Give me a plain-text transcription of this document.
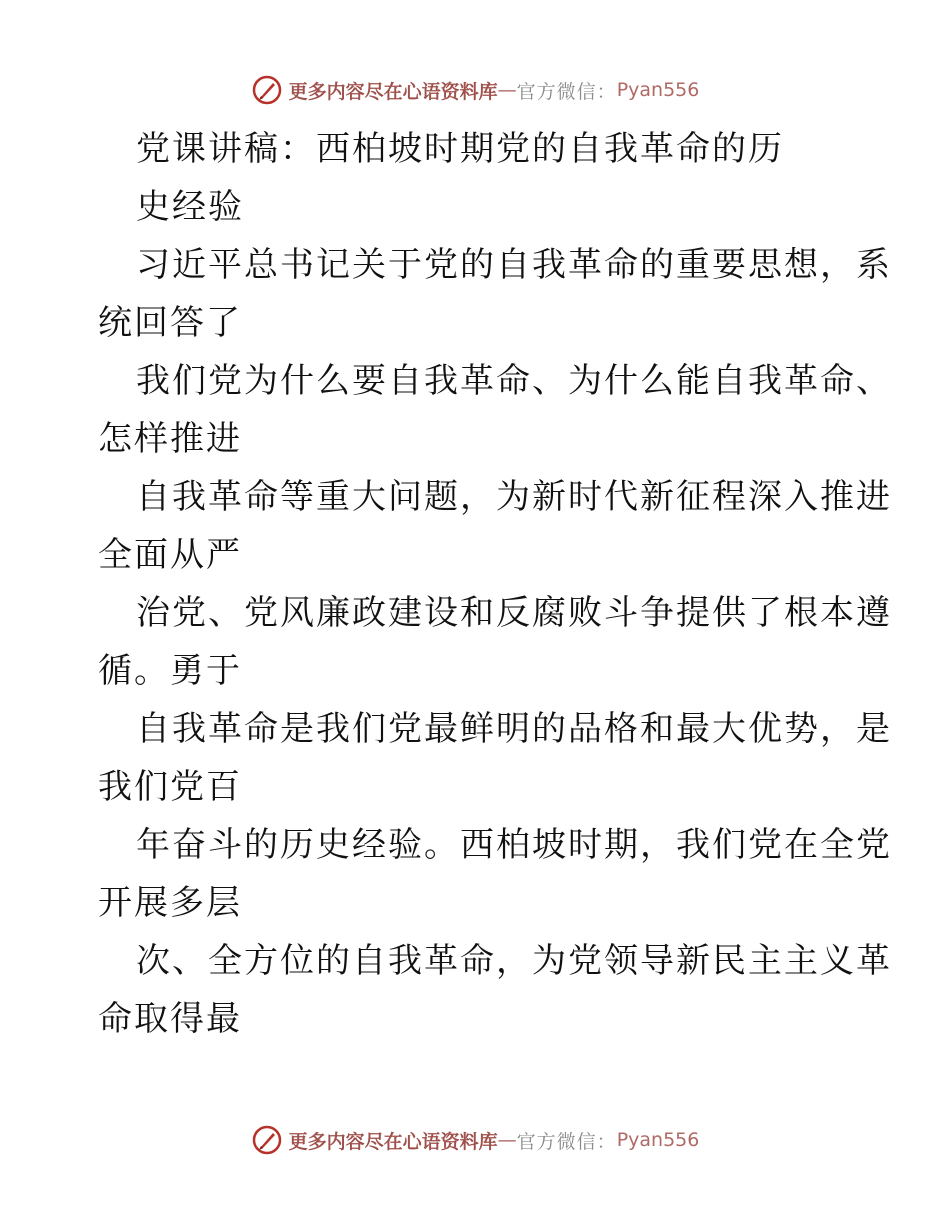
更多内容尽在心语资料库 — 官方微信： Pyan556
党课讲稿：西柏坡时期党的自我革命的历
史经验
习近平总书记关于党的自我革命的重要思想，系
统回答了
我们党为什么要自我革命、为什么能自我革命、
怎样推进
自我革命等重大问题，为新时代新征程深入推进
全面从严
治党、党风廉政建设和反腐败斗争提供了根本遵
循。勇于
自我革命是我们党最鲜明的品格和最大优势，是
我们党百
年奋斗的历史经验。西柏坡时期，我们党在全党
开展多层
次、全方位的自我革命，为党领导新民主主义革
命取得最
更多内容尽在心语资料库 — 官方微信： Pyan556
